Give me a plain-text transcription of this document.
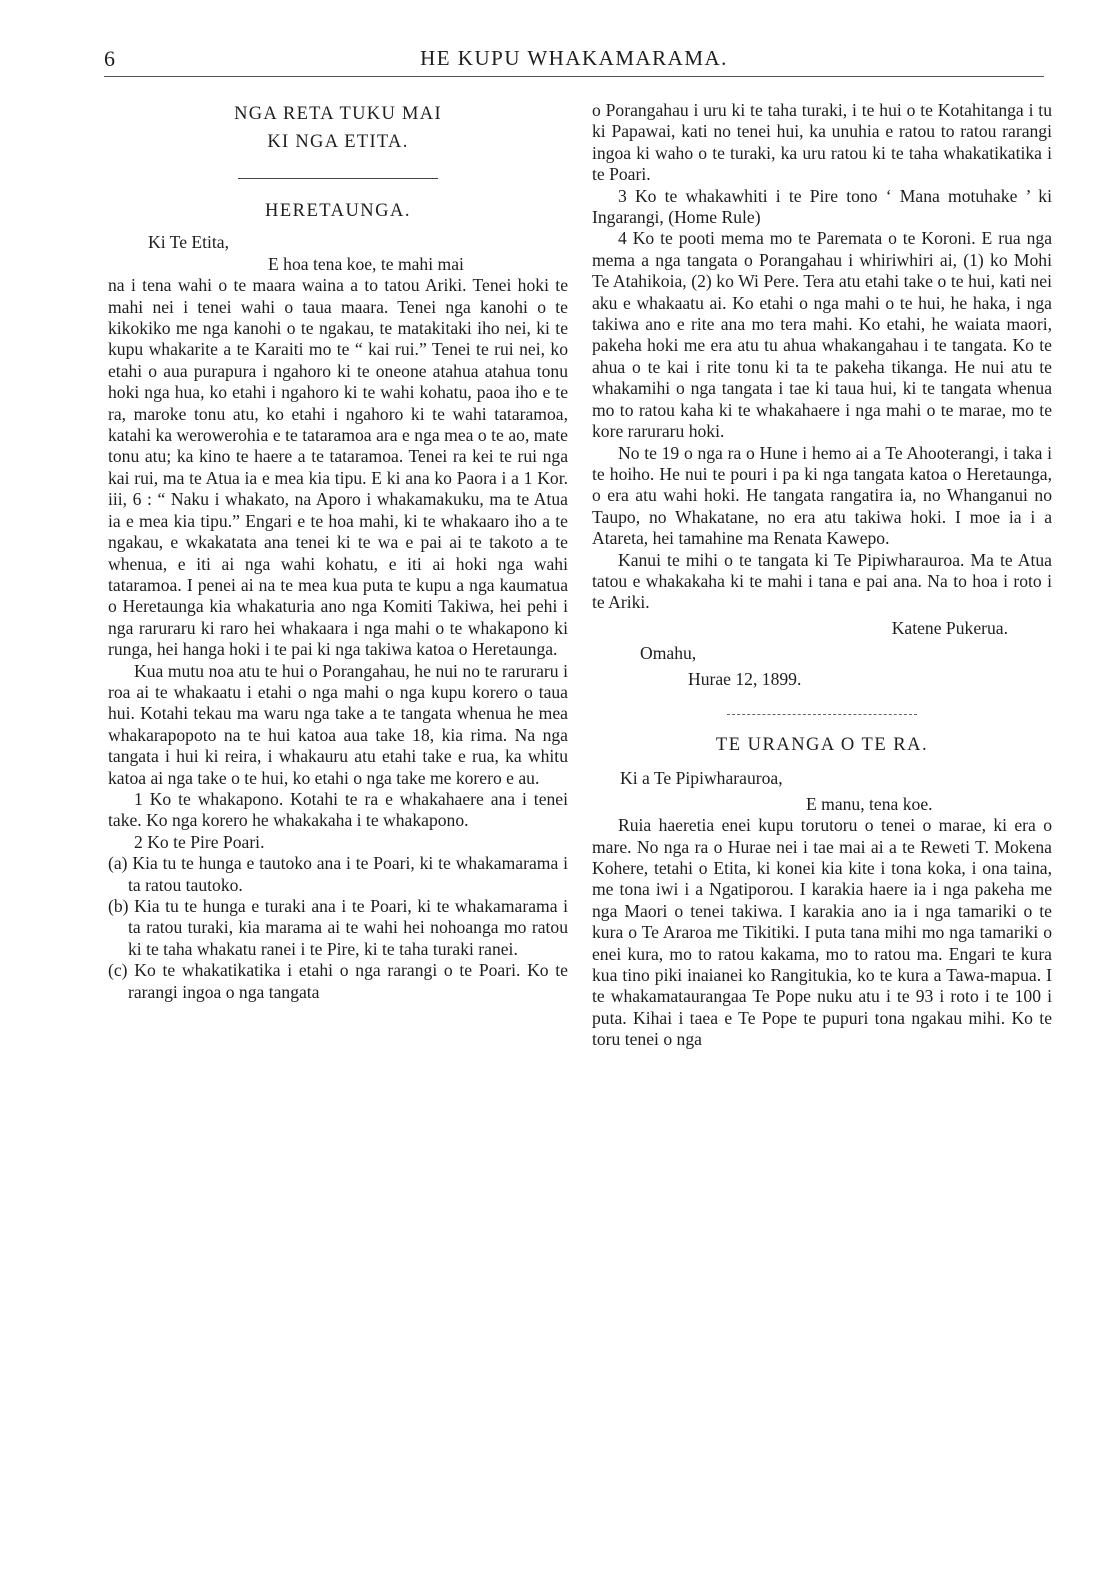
6	HE KUPU WHAKAMARAMA.

NGA RETA TUKU MAI

KI NGA ETITA.

HERETAUNGA.

Ki Te Etita,

E hoa tena koe, te mahi mai

na i tena wahi o te maara waina a to tatou Ariki. Tenei hoki te mahi nei i tenei wahi o taua maara. Tenei nga kanohi o te kikokiko me nga kanohi o te ngakau, te matakitaki iho nei, ki te kupu whakarite a te Karaiti mo te “ kai rui.” Tenei te rui nei, ko etahi o aua purapura i ngahoro ki te oneone atahua atahua tonu hoki nga hua, ko etahi i ngahoro ki te wahi kohatu, paoa iho e te ra, maroke tonu atu, ko etahi i ngahoro ki te wahi tataramoa, katahi ka werowerohia e te tataramoa ara e nga mea o te ao, mate tonu atu; ka kino te haere a te tataramoa. Tenei ra kei te rui nga kai rui, ma te Atua ia e mea kia tipu. E ki ana ko Paora i a 1 Kor. iii, 6 : “ Naku i whakato, na Aporo i whakamakuku, ma te Atua ia e mea kia tipu.” Engari e te hoa mahi, ki te whakaaro iho a te ngakau, e wkakatata ana tenei ki te wa e pai ai te takoto a te whenua, e iti ai nga wahi kohatu, e iti ai hoki nga wahi tataramoa. I penei ai na te mea kua puta te kupu a nga kaumatua o Heretaunga kia whakaturia ano nga Komiti Takiwa, hei pehi i nga raruraru ki raro hei whakaara i nga mahi o te whakapono ki runga, hei hanga hoki i te pai ki nga takiwa katoa o Heretaunga.

Kua mutu noa atu te hui o Porangahau, he nui no te raruraru i roa ai te whakaatu i etahi o nga mahi o nga kupu korero o taua hui. Kotahi tekau ma waru nga take a te tangata whenua he mea whakarapopoto na te hui katoa aua take 18, kia rima. Na nga tangata i hui ki reira, i whakauru atu etahi take e rua, ka whitu katoa ai nga take o te hui, ko etahi o nga take me korero e au.

1 Ko te whakapono. Kotahi te ra e whakahaere ana i tenei take. Ko nga korero he whakakaha i te whakapono.

2 Ko te Pire Poari.

(a) Kia tu te hunga e tautoko ana i te Poari, ki te whakamarama i ta ratou tautoko.

(b) Kia tu te hunga e turaki ana i te Poari, ki te whakamarama i ta ratou turaki, kia marama ai te wahi hei nohoanga mo ratou ki te taha whakatu ranei i te Pire, ki te taha turaki ranei.

(c) Ko te whakatikatika i etahi o nga rarangi o te Poari. Ko te rarangi ingoa o nga tangata

o Porangahau i uru ki te taha turaki, i te hui o te Kotahitanga i tu ki Papawai, kati no tenei hui, ka unuhia e ratou to ratou rarangi ingoa ki waho o te turaki, ka uru ratou ki te taha whakatikatika i te Poari.

3 Ko te whakawhiti i te Pire tono ‘ Mana motuhake ’ ki Ingarangi, (Home Rule)

4 Ko te pooti mema mo te Paremata o te Koroni. E rua nga mema a nga tangata o Porangahau i whiriwhiri ai, (1) ko Mohi Te Atahikoia, (2) ko Wi Pere. Tera atu etahi take o te hui, kati nei aku e whakaatu ai. Ko etahi o nga mahi o te hui, he haka, i nga takiwa ano e rite ana mo tera mahi. Ko etahi, he waiata maori, pakeha hoki me era atu tu ahua whakangahau i te tangata. Ko te ahua o te kai i rite tonu ki ta te pakeha tikanga. He nui atu te whakamihi o nga tangata i tae ki taua hui, ki te tangata whenua mo to ratou kaha ki te whakahaere i nga mahi o te marae, mo te kore raruraru hoki.

No te 19 o nga ra o Hune i hemo ai a Te Ahooterangi, i taka i te hoiho. He nui te pouri i pa ki nga tangata katoa o Heretaunga, o era atu wahi hoki. He tangata rangatira ia, no Whanganui no Taupo, no Whakatane, no era atu takiwa hoki. I moe ia i a Atareta, hei tamahine ma Renata Kawepo.

Kanui te mihi o te tangata ki Te Pipiwharauroa. Ma te Atua tatou e whakakaha ki te mahi i tana e pai ana. Na to hoa i roto i te Ariki.

Katene Pukerua.

Omahu,

Hurae 12, 1899.

TE URANGA O TE RA.

Ki a Te Pipiwharauroa,

E manu, tena koe.

Ruia haeretia enei kupu torutoru o tenei o marae, ki era o mare. No nga ra o Hurae nei i tae mai ai a te Reweti T. Mokena Kohere, tetahi o Etita, ki konei kia kite i tona koka, i ona taina, me tona iwi i a Ngatiporou. I karakia haere ia i nga pakeha me nga Maori o tenei takiwa. I karakia ano ia i nga tamariki o te kura o Te Araroa me Tikitiki. I puta tana mihi mo nga tamariki o enei kura, mo to ratou kakama, mo to ratou ma. Engari te kura kua tino piki inaianei ko Rangitukia, ko te kura a Tawa-mapua. I te whakamataurangaa Te Pope nuku atu i te 93 i roto i te 100 i puta. Kihai i taea e Te Pope te pupuri tona ngakau mihi. Ko te toru tenei o nga
